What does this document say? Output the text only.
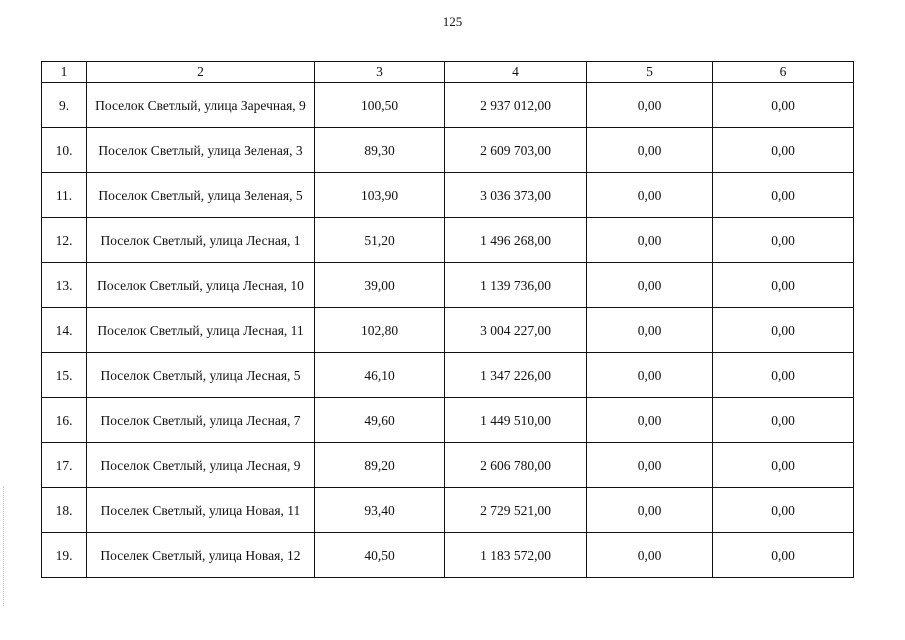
125
1	2	3	4	5	6
9.	Поселок Светлый, улица Заречная, 9	100,50	2 937 012,00	0,00	0,00
10.	Поселок Светлый, улица Зеленая, 3	89,30	2 609 703,00	0,00	0,00
11.	Поселок Светлый, улица Зеленая, 5	103,90	3 036 373,00	0,00	0,00
12.	Поселок Светлый, улица Лесная, 1	51,20	1 496 268,00	0,00	0,00
13.	Поселок Светлый, улица Лесная, 10	39,00	1 139 736,00	0,00	0,00
14.	Поселок Светлый, улица Лесная, 11	102,80	3 004 227,00	0,00	0,00
15.	Поселок Светлый, улица Лесная, 5	46,10	1 347 226,00	0,00	0,00
16.	Поселок Светлый, улица Лесная, 7	49,60	1 449 510,00	0,00	0,00
17.	Поселок Светлый, улица Лесная, 9	89,20	2 606 780,00	0,00	0,00
18.	Поселек Светлый, улица Новая, 11	93,40	2 729 521,00	0,00	0,00
19.	Поселек Светлый, улица Новая, 12	40,50	1 183 572,00	0,00	0,00
